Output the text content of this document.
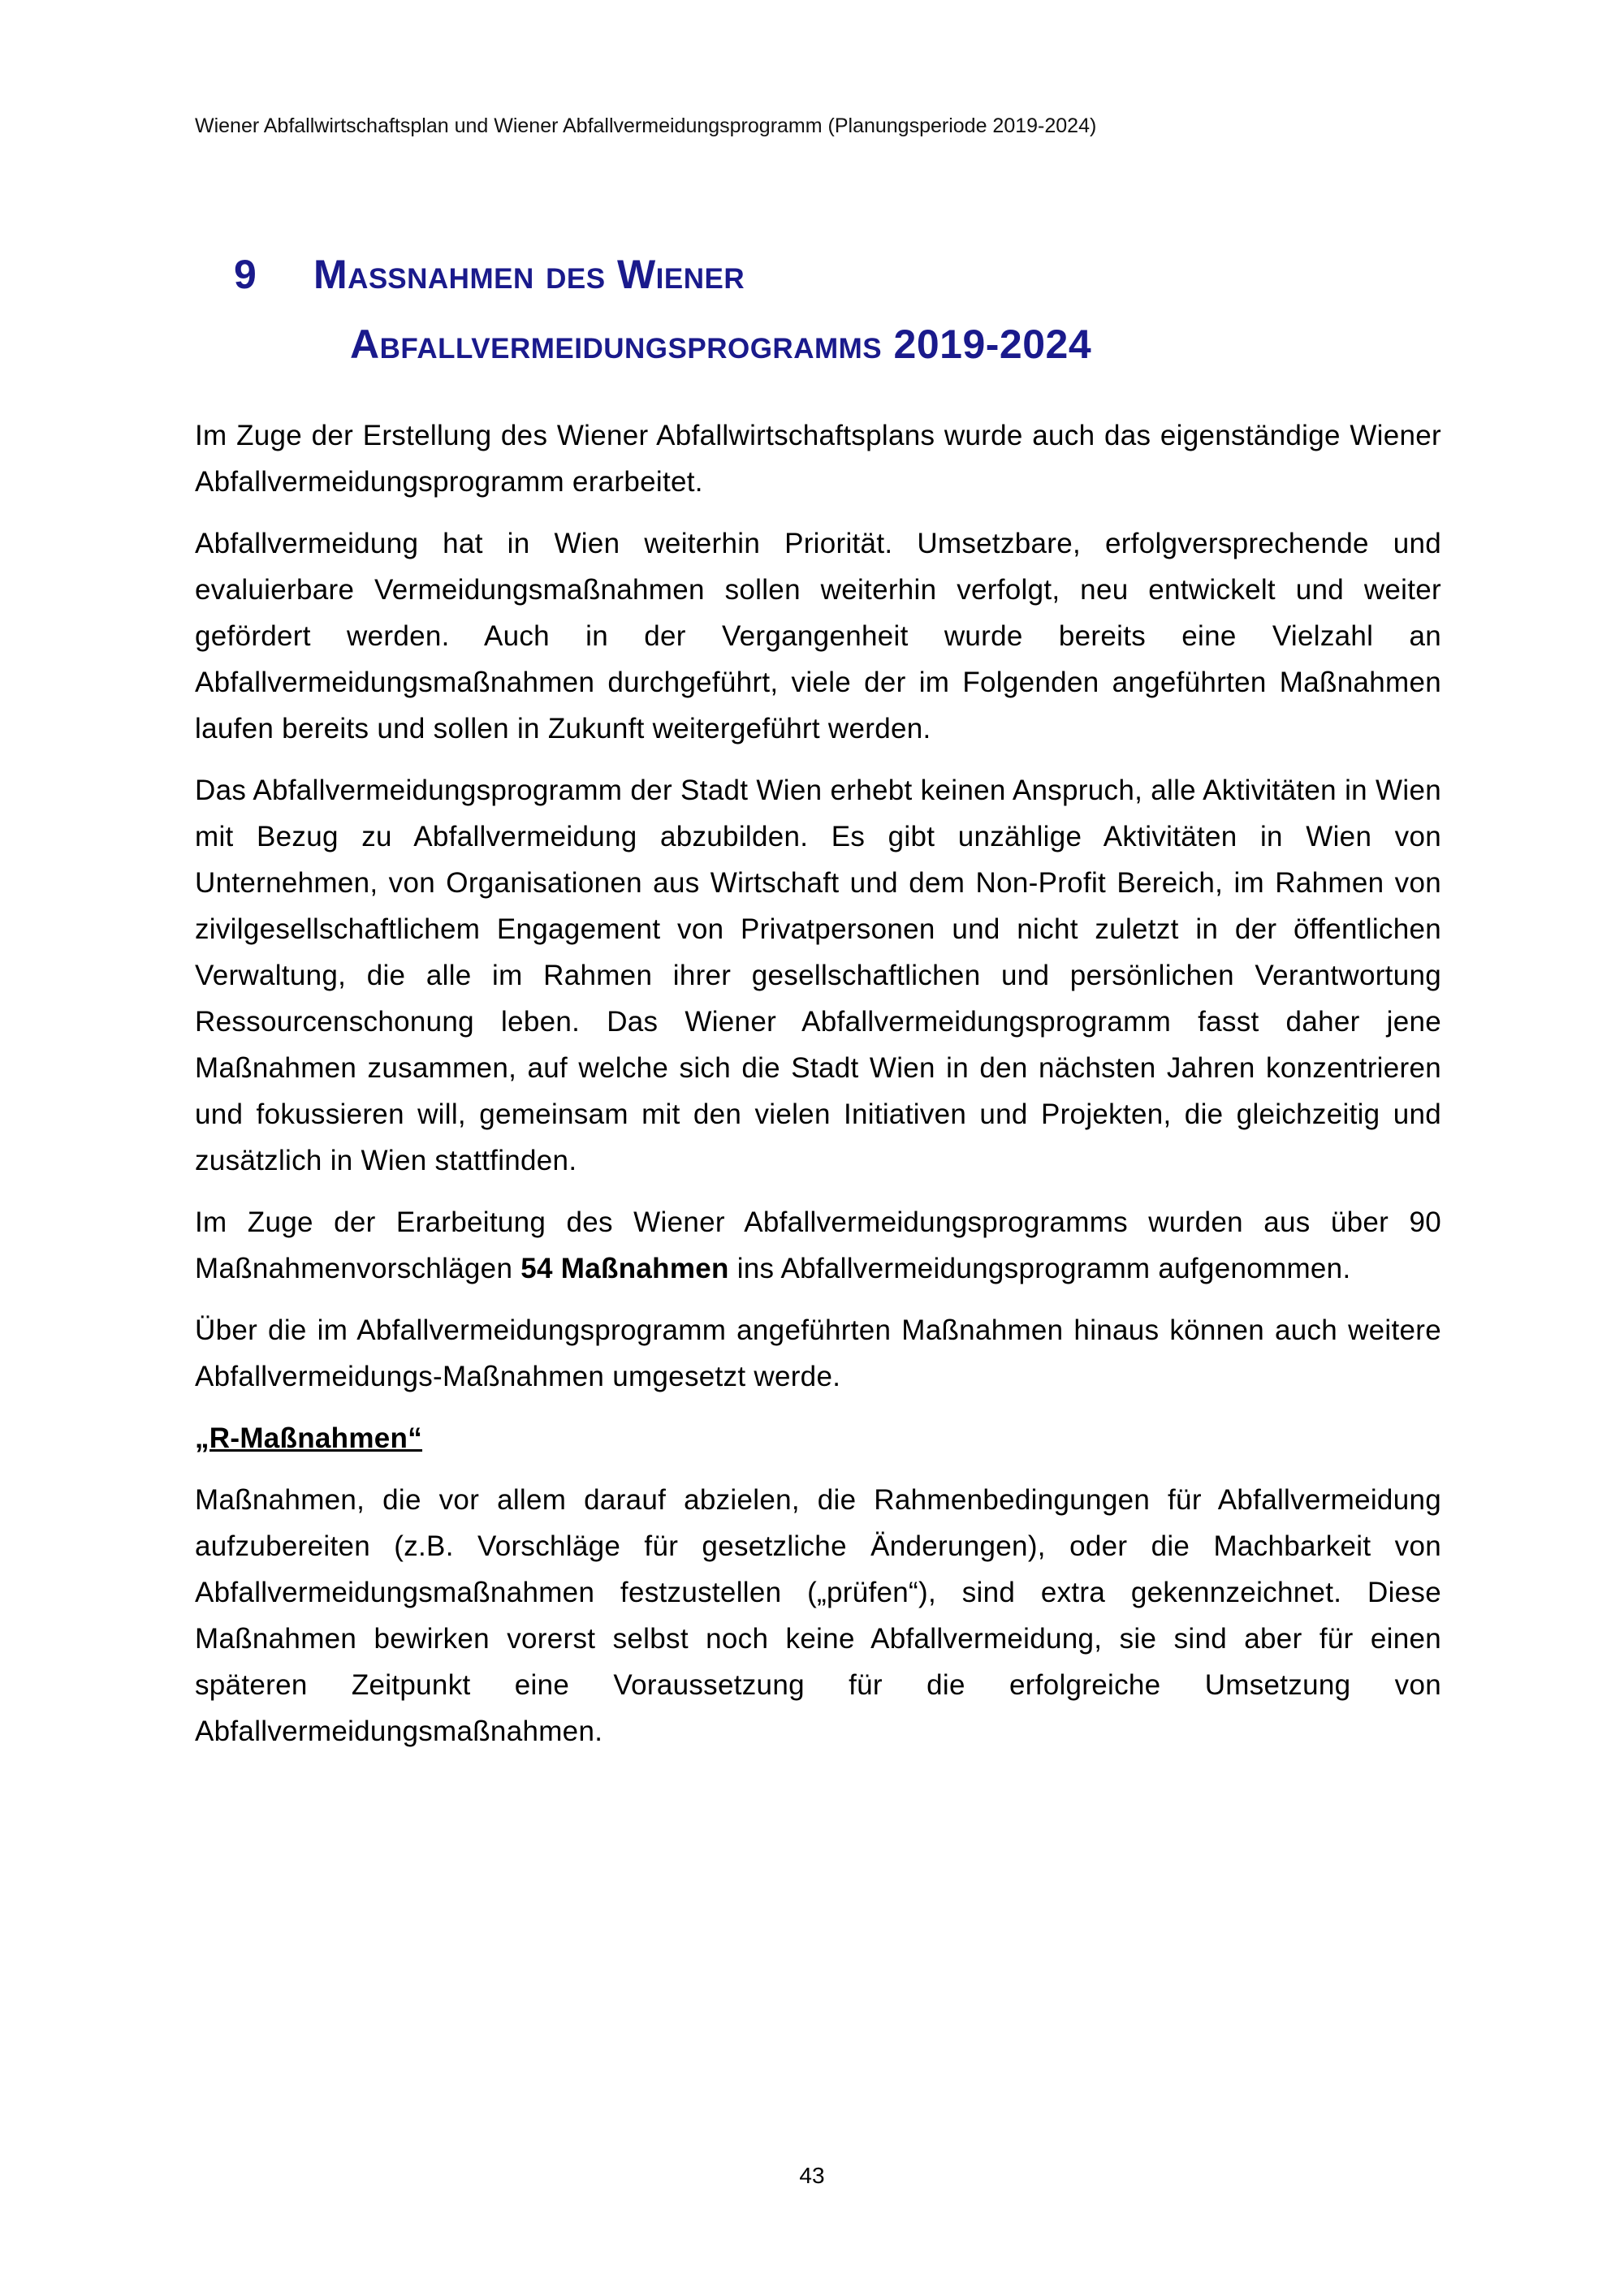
Wiener Abfallwirtschaftsplan und Wiener Abfallvermeidungsprogramm (Planungsperiode 2019-2024)
9 Maßnahmen des Wiener
Abfallvermeidungsprogramms 2019-2024

Im Zuge der Erstellung des Wiener Abfallwirtschaftsplans wurde auch das eigenständige Wiener Abfallvermeidungsprogramm erarbeitet.

Abfallvermeidung hat in Wien weiterhin Priorität. Umsetzbare, erfolgversprechende und evaluierbare Vermeidungsmaßnahmen sollen weiterhin verfolgt, neu entwickelt und weiter gefördert werden. Auch in der Vergangenheit wurde bereits eine Vielzahl an Abfallvermeidungsmaßnahmen durchgeführt, viele der im Folgenden angeführten Maßnahmen laufen bereits und sollen in Zukunft weitergeführt werden.

Das Abfallvermeidungsprogramm der Stadt Wien erhebt keinen Anspruch, alle Aktivitäten in Wien mit Bezug zu Abfallvermeidung abzubilden. Es gibt unzählige Aktivitäten in Wien von Unternehmen, von Organisationen aus Wirtschaft und dem Non-Profit Bereich, im Rahmen von zivilgesellschaftlichem Engagement von Privatpersonen und nicht zuletzt in der öffentlichen Verwaltung, die alle im Rahmen ihrer gesellschaftlichen und persönlichen Verantwortung Ressourcenschonung leben. Das Wiener Abfallvermeidungsprogramm fasst daher jene Maßnahmen zusammen, auf welche sich die Stadt Wien in den nächsten Jahren konzentrieren und fokussieren will, gemeinsam mit den vielen Initiativen und Projekten, die gleichzeitig und zusätzlich in Wien stattfinden.

Im Zuge der Erarbeitung des Wiener Abfallvermeidungsprogramms wurden aus über 90 Maßnahmenvorschlägen 54 Maßnahmen ins Abfallvermeidungsprogramm aufgenommen.

Über die im Abfallvermeidungsprogramm angeführten Maßnahmen hinaus können auch weitere Abfallvermeidungs-Maßnahmen umgesetzt werde.

„R-Maßnahmen“

Maßnahmen, die vor allem darauf abzielen, die Rahmenbedingungen für Abfallvermeidung aufzubereiten (z.B. Vorschläge für gesetzliche Änderungen), oder die Machbarkeit von Abfallvermeidungsmaßnahmen festzustellen („prüfen“), sind extra gekennzeichnet. Diese Maßnahmen bewirken vorerst selbst noch keine Abfallvermeidung, sie sind aber für einen späteren Zeitpunkt eine Voraussetzung für die erfolgreiche Umsetzung von Abfallvermeidungsmaßnahmen.

43
